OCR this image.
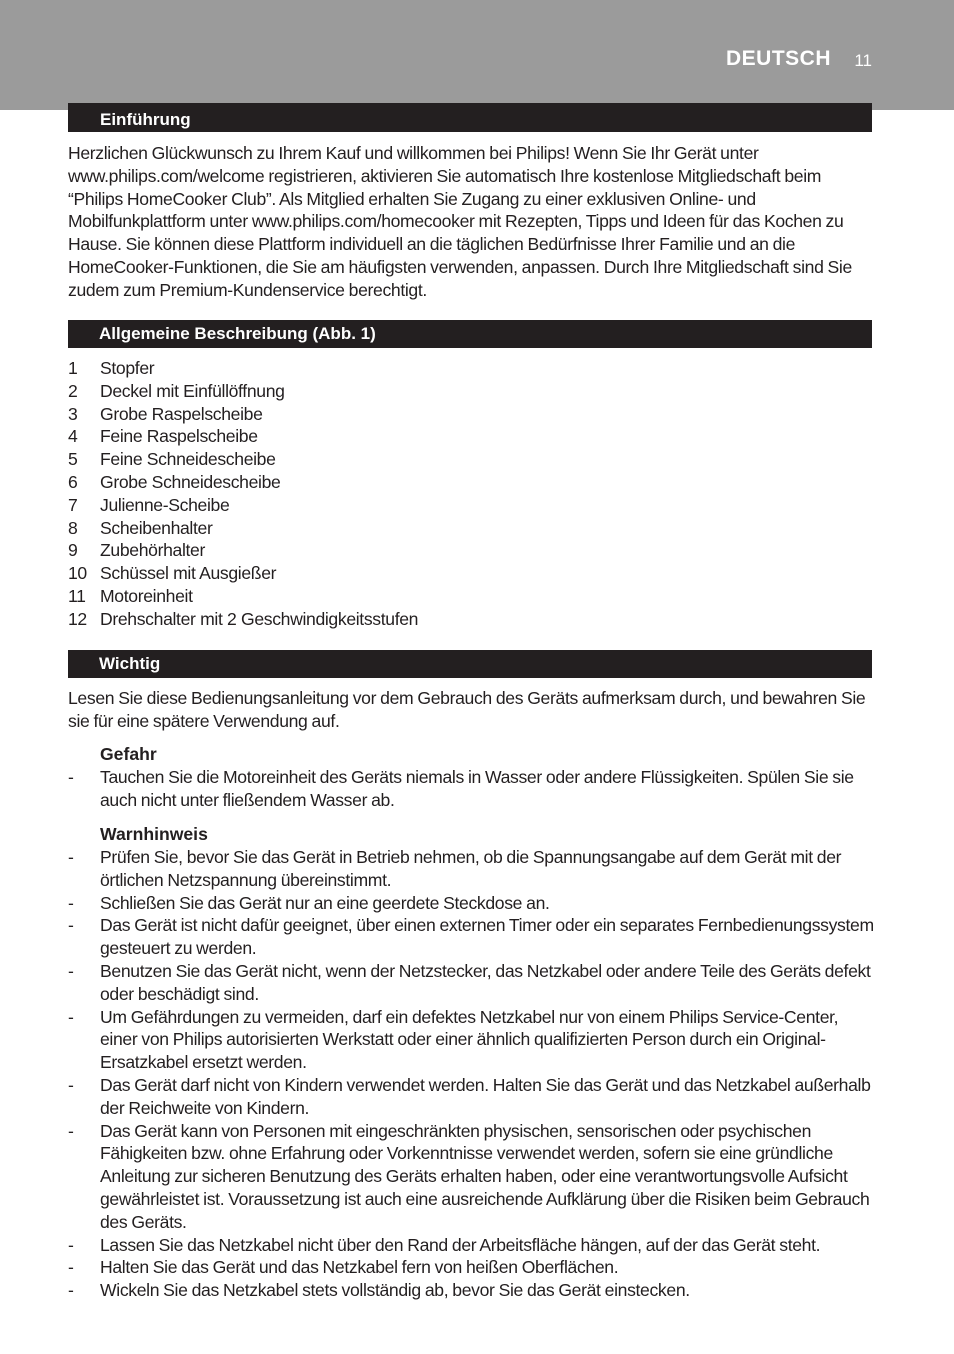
DEUTSCH 11
Einführung

Herzlichen Glückwunsch zu Ihrem Kauf und willkommen bei Philips! Wenn Sie Ihr Gerät unter www.philips.com/welcome registrieren, aktivieren Sie automatisch Ihre kostenlose Mitgliedschaft beim “Philips HomeCooker Club”. Als Mitglied erhalten Sie Zugang zu einer exklusiven Online- und Mobilfunkplattform unter www.philips.com/homecooker mit Rezepten, Tipps und Ideen für das Kochen zu Hause. Sie können diese Plattform individuell an die täglichen Bedürfnisse Ihrer Familie und an die HomeCooker-Funktionen, die Sie am häufigsten verwenden, anpassen. Durch Ihre Mitgliedschaft sind Sie zudem zum Premium-Kundenservice berechtigt.

Allgemeine Beschreibung (Abb. 1)
1 Stopfer
2 Deckel mit Einfüllöffnung
3 Grobe Raspelscheibe
4 Feine Raspelscheibe
5 Feine Schneidescheibe
6 Grobe Schneidescheibe
7 Julienne-Scheibe
8 Scheibenhalter
9 Zubehörhalter
10 Schüssel mit Ausgießer
11 Motoreinheit
12 Drehschalter mit 2 Geschwindigkeitsstufen
Wichtig

Lesen Sie diese Bedienungsanleitung vor dem Gebrauch des Geräts aufmerksam durch, und bewahren Sie sie für eine spätere Verwendung auf.

Gefahr
- Tauchen Sie die Motoreinheit des Geräts niemals in Wasser oder andere Flüssigkeiten. Spülen Sie sie auch nicht unter fließendem Wasser ab.
Warnhinweis
- Prüfen Sie, bevor Sie das Gerät in Betrieb nehmen, ob die Spannungsangabe auf dem Gerät mit der örtlichen Netzspannung übereinstimmt.
- Schließen Sie das Gerät nur an eine geerdete Steckdose an.
- Das Gerät ist nicht dafür geeignet, über einen externen Timer oder ein separates Fernbedienungssystem gesteuert zu werden.
- Benutzen Sie das Gerät nicht, wenn der Netzstecker, das Netzkabel oder andere Teile des Geräts defekt oder beschädigt sind.
- Um Gefährdungen zu vermeiden, darf ein defektes Netzkabel nur von einem Philips Service-Center, einer von Philips autorisierten Werkstatt oder einer ähnlich qualifizierten Person durch ein Original-Ersatzkabel ersetzt werden.
- Das Gerät darf nicht von Kindern verwendet werden. Halten Sie das Gerät und das Netzkabel außerhalb der Reichweite von Kindern.
- Das Gerät kann von Personen mit eingeschränkten physischen, sensorischen oder psychischen Fähigkeiten bzw. ohne Erfahrung oder Vorkenntnisse verwendet werden, sofern sie eine gründliche Anleitung zur sicheren Benutzung des Geräts erhalten haben, oder eine verantwortungsvolle Aufsicht gewährleistet ist. Voraussetzung ist auch eine ausreichende Aufklärung über die Risiken beim Gebrauch des Geräts.
- Lassen Sie das Netzkabel nicht über den Rand der Arbeitsfläche hängen, auf der das Gerät steht.
- Halten Sie das Gerät und das Netzkabel fern von heißen Oberflächen.
- Wickeln Sie das Netzkabel stets vollständig ab, bevor Sie das Gerät einstecken.
